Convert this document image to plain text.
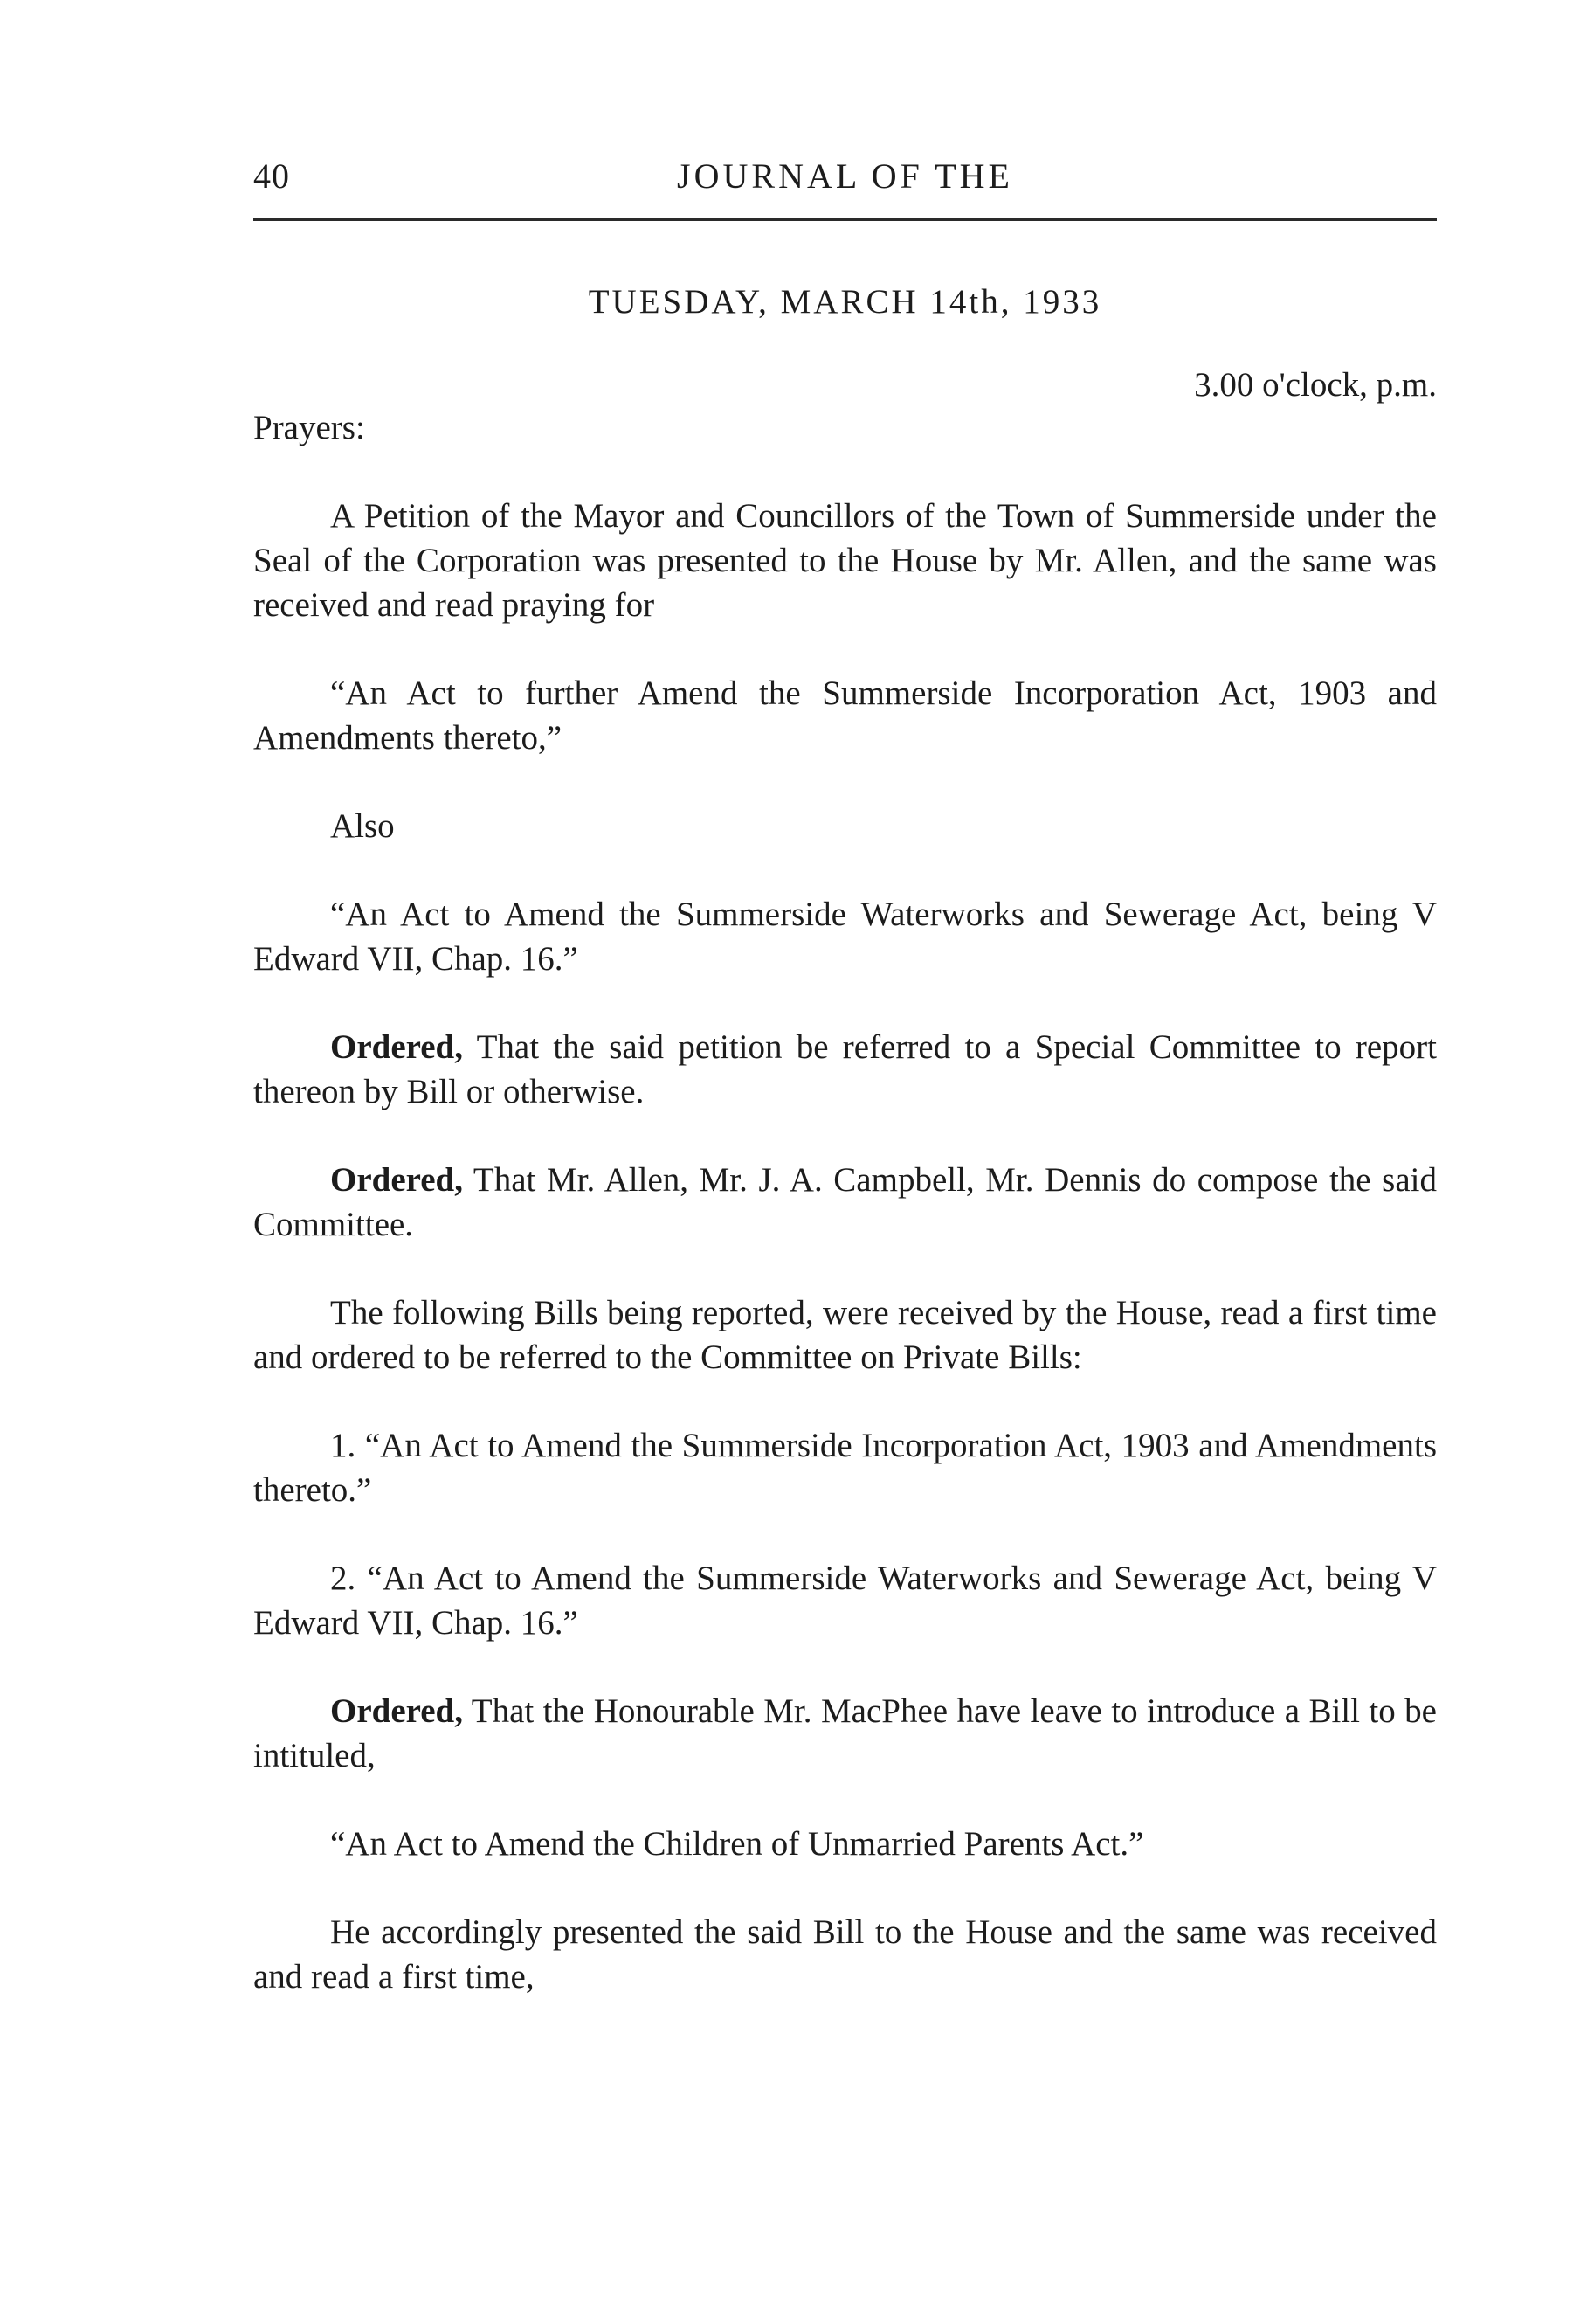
40	JOURNAL OF THE
TUESDAY, MARCH 14th, 1933
3.00 o'clock, p.m.
Prayers:

A Petition of the Mayor and Councillors of the Town of Summerside under the Seal of the Corporation was presented to the House by Mr. Allen, and the same was received and read praying for

“An Act to further Amend the Summerside Incorporation Act, 1903 and Amendments thereto,”

Also

“An Act to Amend the Summerside Waterworks and Sewerage Act, being V Edward VII, Chap. 16.”

Ordered, That the said petition be referred to a Special Committee to report thereon by Bill or otherwise.

Ordered, That Mr. Allen, Mr. J. A. Campbell, Mr. Dennis do compose the said Committee.

The following Bills being reported, were received by the House, read a first time and ordered to be referred to the Committee on Private Bills:

1. “An Act to Amend the Summerside Incorporation Act, 1903 and Amendments thereto.”

2. “An Act to Amend the Summerside Waterworks and Sewerage Act, being V Edward VII, Chap. 16.”

Ordered, That the Honourable Mr. MacPhee have leave to introduce a Bill to be intituled,

“An Act to Amend the Children of Unmarried Parents Act.”

He accordingly presented the said Bill to the House and the same was received and read a first time,
